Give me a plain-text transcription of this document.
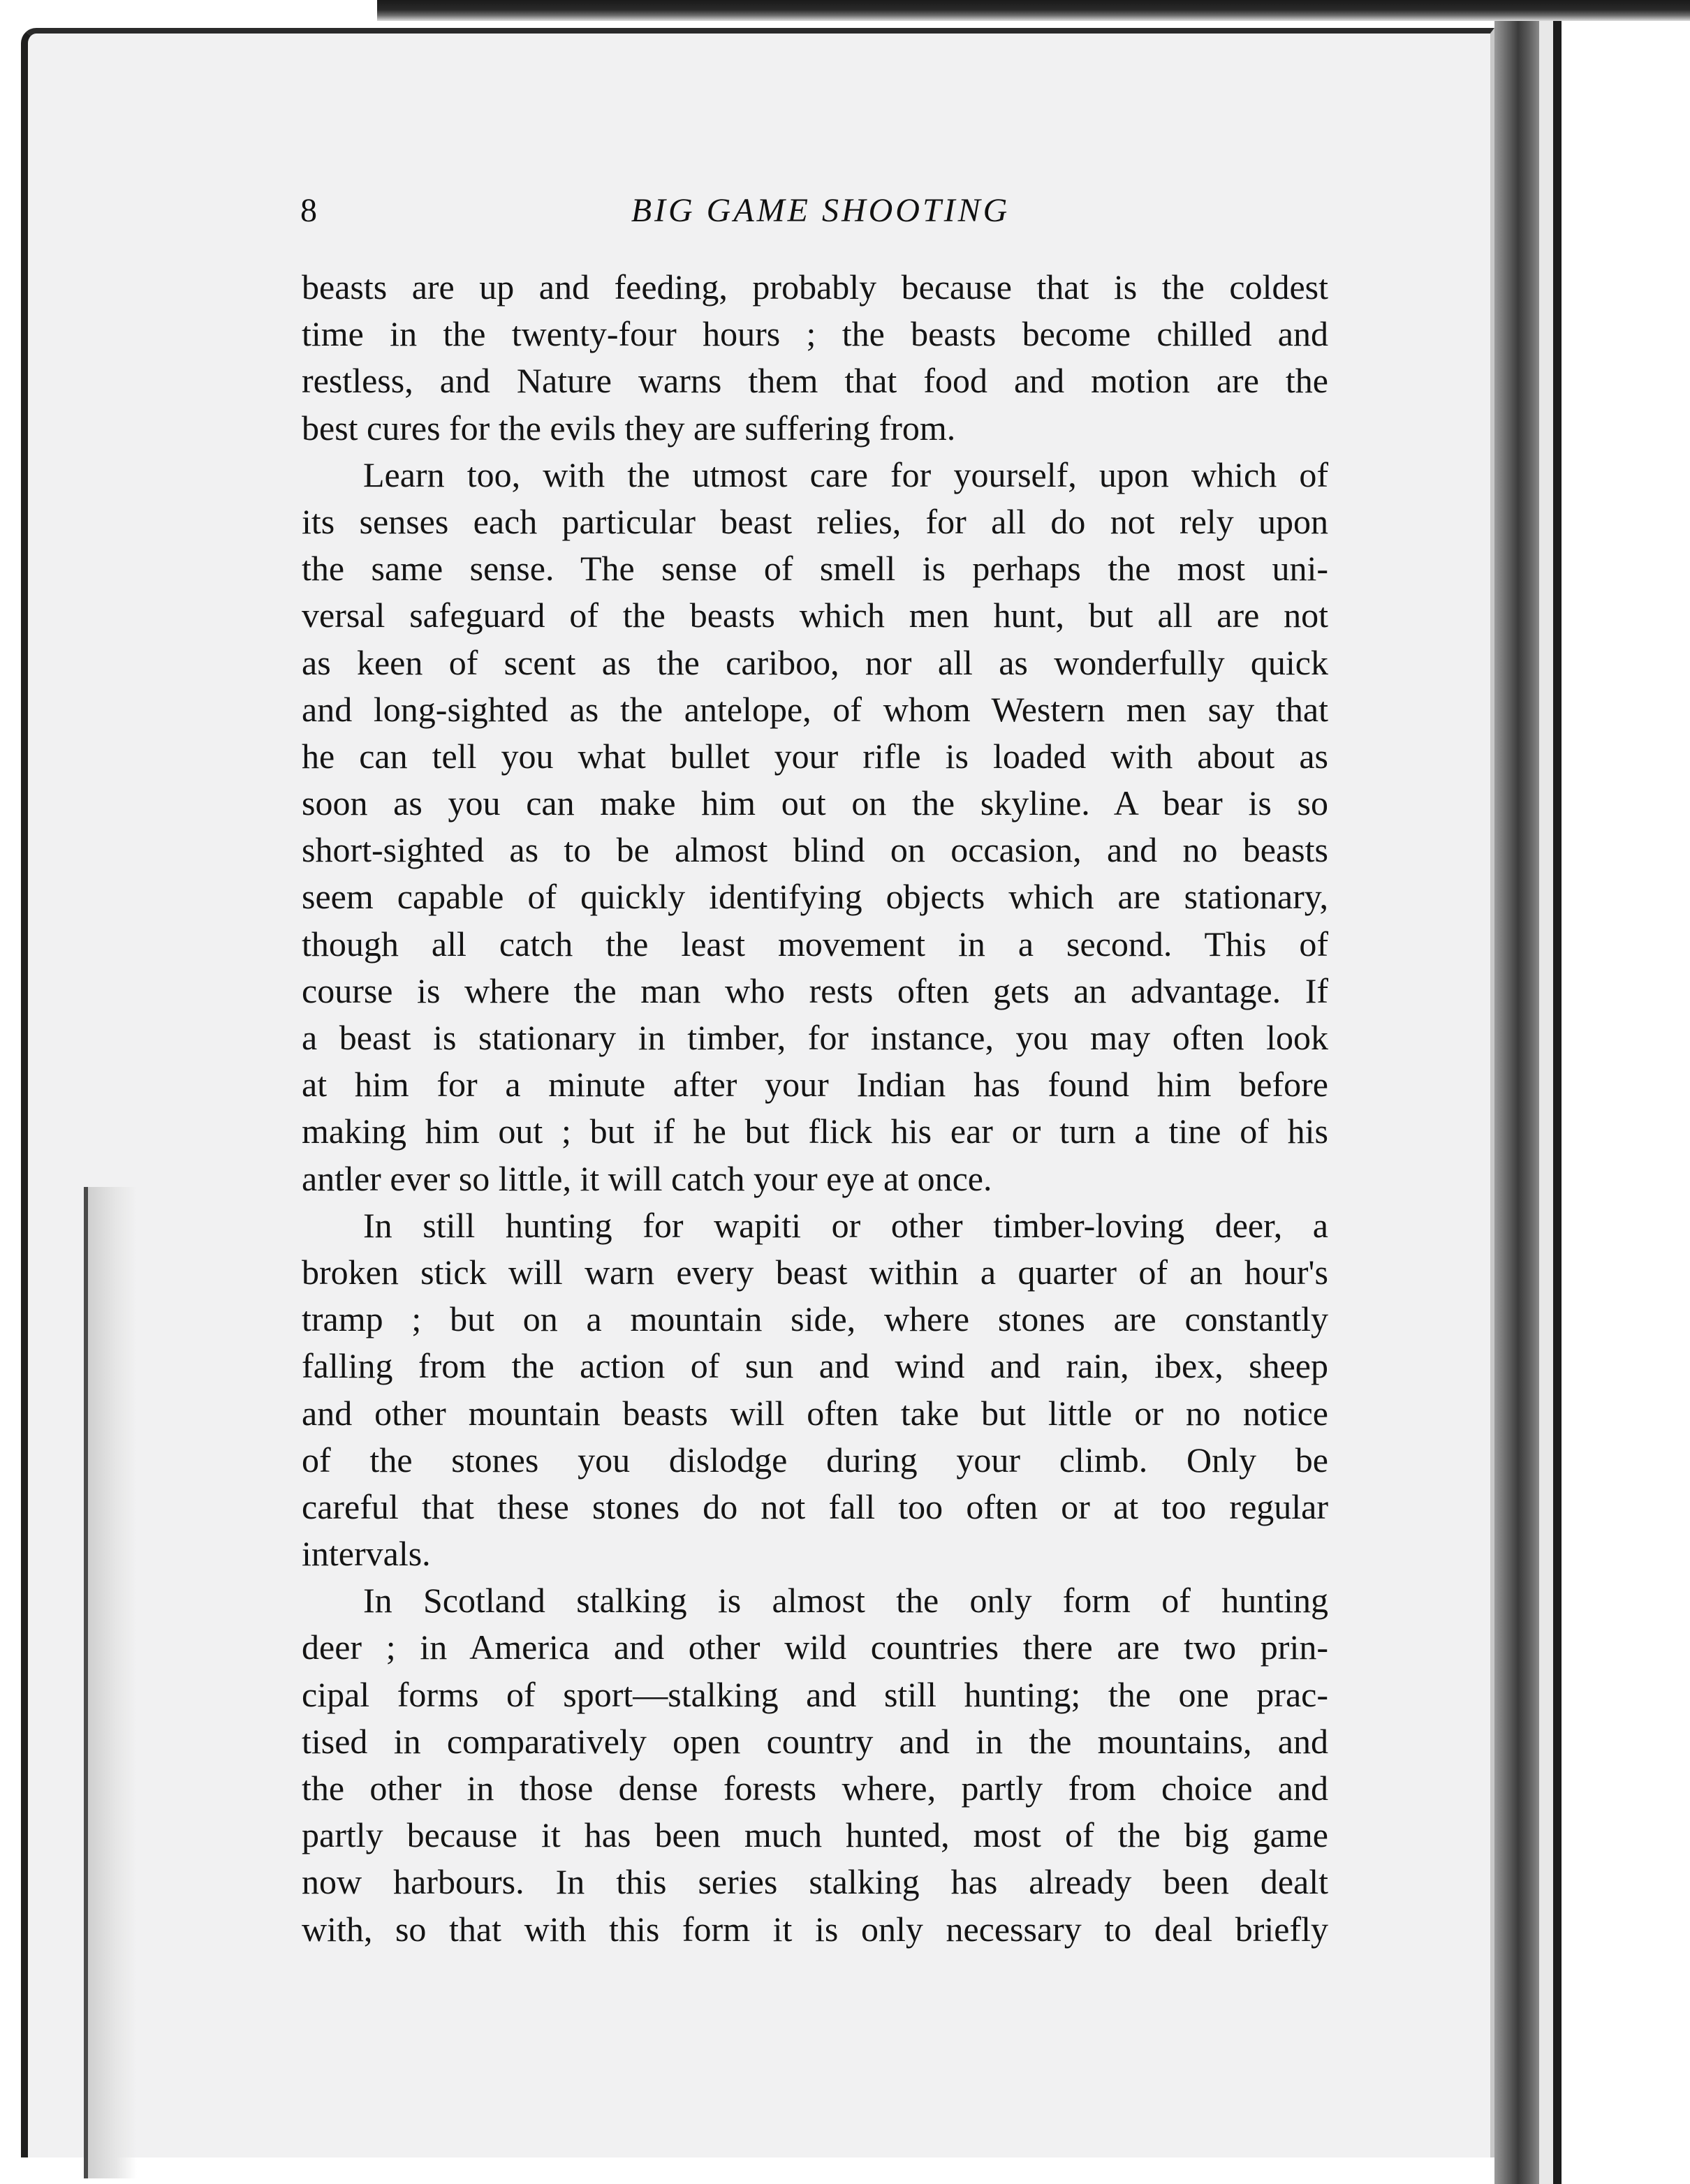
8	BIG GAME SHOOTING
beasts are up and feeding, probably because that is the coldest
time in the twenty-four hours ; the beasts become chilled and
restless, and Nature warns them that food and motion are the
best cures for the evils they are suffering from.
Learn too, with the utmost care for yourself, upon which of
its senses each particular beast relies, for all do not rely upon
the same sense. The sense of smell is perhaps the most uni-
versal safeguard of the beasts which men hunt, but all are not
as keen of scent as the cariboo, nor all as wonderfully quick
and long-sighted as the antelope, of whom Western men say that
he can tell you what bullet your rifle is loaded with about as
soon as you can make him out on the skyline. A bear is so
short-sighted as to be almost blind on occasion, and no beasts
seem capable of quickly identifying objects which are stationary,
though all catch the least movement in a second. This of
course is where the man who rests often gets an advantage. If
a beast is stationary in timber, for instance, you may often look
at him for a minute after your Indian has found him before
making him out ; but if he but flick his ear or turn a tine of his
antler ever so little, it will catch your eye at once.
In still hunting for wapiti or other timber-loving deer, a
broken stick will warn every beast within a quarter of an hour's
tramp ; but on a mountain side, where stones are constantly
falling from the action of sun and wind and rain, ibex, sheep
and other mountain beasts will often take but little or no notice
of the stones you dislodge during your climb. Only be
careful that these stones do not fall too often or at too regular
intervals.
In Scotland stalking is almost the only form of hunting
deer ; in America and other wild countries there are two prin-
cipal forms of sport—stalking and still hunting; the one prac-
tised in comparatively open country and in the mountains, and
the other in those dense forests where, partly from choice and
partly because it has been much hunted, most of the big game
now harbours. In this series stalking has already been dealt
with, so that with this form it is only necessary to deal briefly
